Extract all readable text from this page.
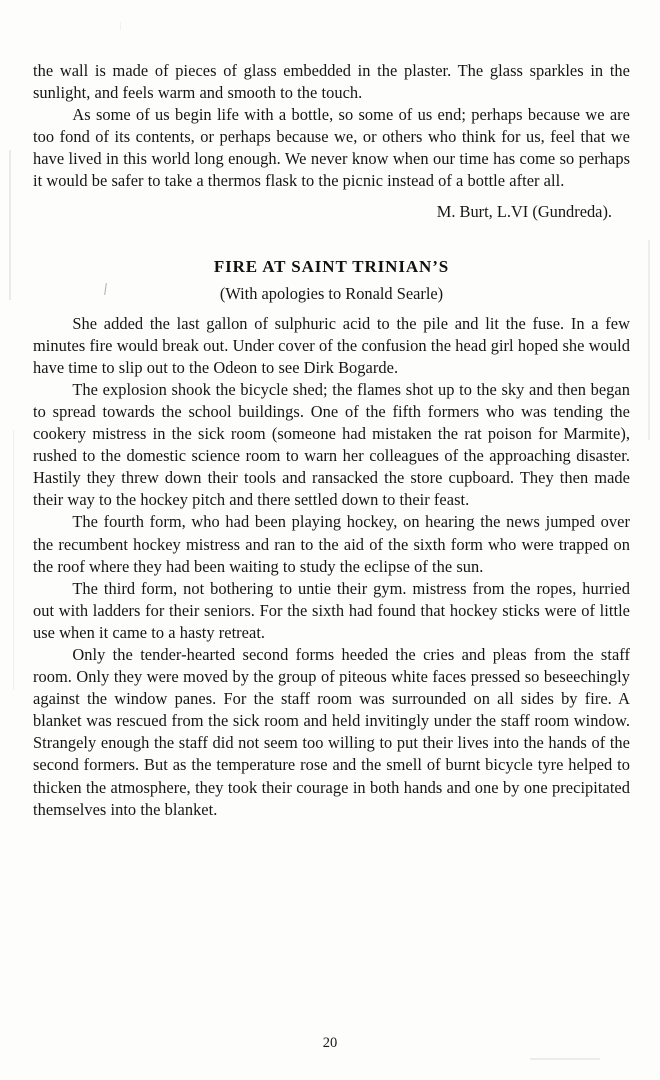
the wall is made of pieces of glass embedded in the plaster. The glass sparkles in the sunlight, and feels warm and smooth to the touch.

As some of us begin life with a bottle, so some of us end; perhaps because we are too fond of its contents, or perhaps because we, or others who think for us, feel that we have lived in this world long enough. We never know when our time has come so perhaps it would be safer to take a thermos flask to the picnic instead of a bottle after all.

M. Burt, L.VI (Gundreda).

FIRE AT SAINT TRINIAN’S

(With apologies to Ronald Searle)

She added the last gallon of sulphuric acid to the pile and lit the fuse. In a few minutes fire would break out. Under cover of the confusion the head girl hoped she would have time to slip out to the Odeon to see Dirk Bogarde.

The explosion shook the bicycle shed; the flames shot up to the sky and then began to spread towards the school buildings. One of the fifth formers who was tending the cookery mistress in the sick room (someone had mistaken the rat poison for Marmite), rushed to the domestic science room to warn her colleagues of the approaching disaster. Hastily they threw down their tools and ransacked the store cupboard. They then made their way to the hockey pitch and there settled down to their feast.

The fourth form, who had been playing hockey, on hearing the news jumped over the recumbent hockey mistress and ran to the aid of the sixth form who were trapped on the roof where they had been waiting to study the eclipse of the sun.

The third form, not bothering to untie their gym. mistress from the ropes, hurried out with ladders for their seniors. For the sixth had found that hockey sticks were of little use when it came to a hasty retreat.

Only the tender-hearted second forms heeded the cries and pleas from the staff room. Only they were moved by the group of piteous white faces pressed so beseechingly against the window panes. For the staff room was surrounded on all sides by fire. A blanket was rescued from the sick room and held invitingly under the staff room window. Strangely enough the staff did not seem too willing to put their lives into the hands of the second formers. But as the temperature rose and the smell of burnt bicycle tyre helped to thicken the atmosphere, they took their courage in both hands and one by one precipitated themselves into the blanket.

20
